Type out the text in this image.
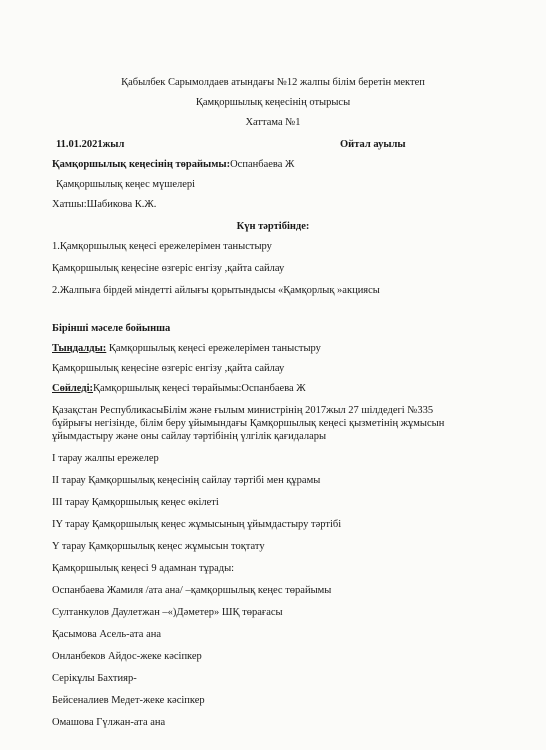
Қабылбек Сарымолдаев атындағы №12 жалпы білім беретін мектеп
Қамқоршылық кеңесінің отырысы
Хаттама №1
11.01.2021жыл	Ойтал ауылы
Қамқоршылық кеңесінің төрайымы:Оспанбаева Ж
Қамқоршылық кеңес мүшелері
Хатшы:Шабикова К.Ж.
Күн тәртібінде:
1.Қамқоршылық кеңесі ережелерімен таныстыру
Қамқоршылық кеңесіне өзгеріс енгізу ,қайта сайлау
2.Жалпыға бірдей міндетті айлығы қорытындысы «Қамқорлық »акциясы
Бірінші мәселе бойынша
Тыңдалды: Қамқоршылық кеңесі ережелерімен таныстыру
Қамқоршылық кеңесіне өзгеріс енгізу ,қайта сайлау
Сөйледі:Қамқоршылық кеңесі төрайымы:Оспанбаева Ж
Қазақстан РеспубликасыБілім және ғылым министрінің 2017жыл 27 шілдедегі №335
бұйрығы негізінде, білім беру ұйымындағы Қамқоршылық кеңесі қызметінің жұмысын
ұйымдастыру және оны сайлау тәртібінің үлгілік қағидалары
I тарау жалпы ережелер
II тарау Қамқоршылық кеңесінің сайлау тәртібі мен құрамы
III тарау Қамқоршылық кеңес өкілеті
IY тарау Қамқоршылық кеңес жұмысының ұйымдастыру тәртібі
Y тарау Қамқоршылық кеңес жұмысын тоқтату
Қамқоршылық кеңесі 9 адамнан тұрады:
Оспанбаева Жамиля /ата ана/ –қамқоршылық кеңес төрайымы
Султанкулов Даулетжан –«)Дәметер» ШҚ төрағасы
Қасымова Асель-ата ана
Онланбеков Айдос-жеке кәсіпкер
Серікұлы Бахтияр-
Бейсеналиев Медет-жеке кәсіпкер
Омашова Гүлжан-ата ана
